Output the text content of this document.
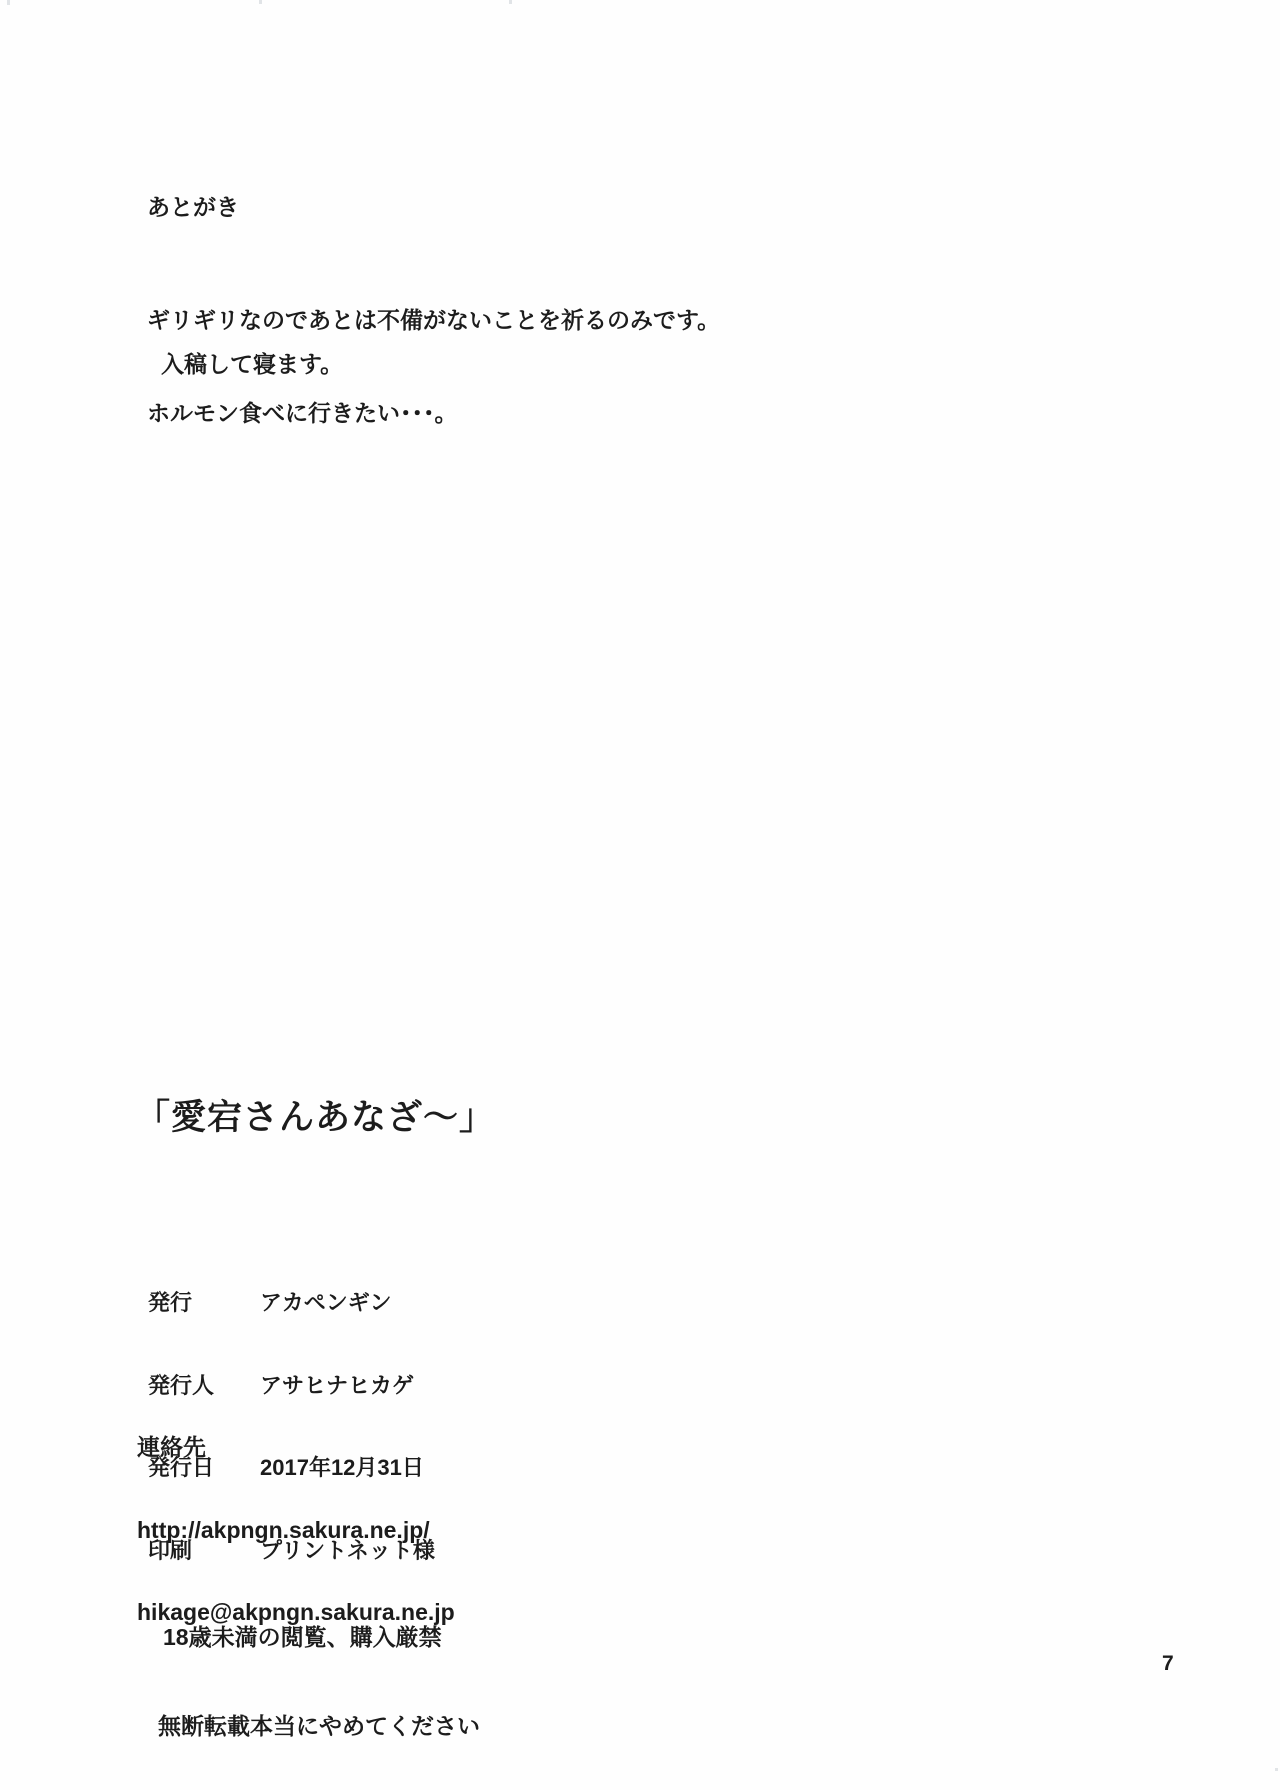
あとがき

ギリギリなのであとは不備がないことを祈るのみです。

ホルモン食べに行きたい･･･。

入稿して寝ます。
「愛宕さんあなざ～」

発行	アカペンギン

発行人	アサヒナヒカゲ

発行日	2017年12月31日

印刷	プリントネット様

連絡先

http://akpngn.sakura.ne.jp/

hikage@akpngn.sakura.ne.jp

18歳未満の閲覧、購入厳禁

無断転載本当にやめてください

7
